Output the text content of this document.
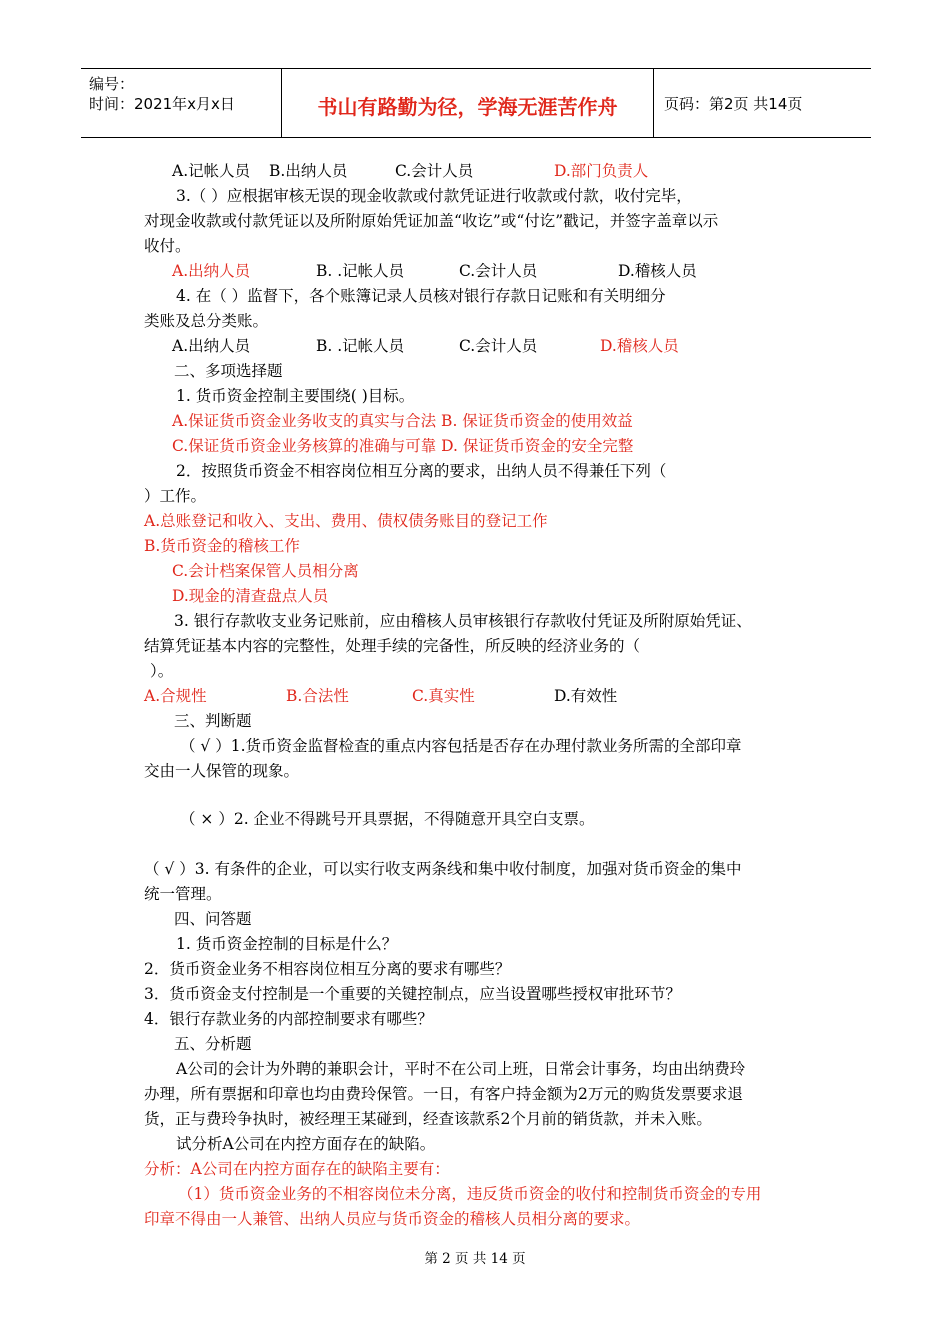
编号：
时间：2021年x月x日	书山有路勤为径，学海无涯苦作舟	页码：第2页 共14页
A.记帐人员 B.出纳人员	C.会计人员	D.部门负责人
3.（ ）应根据审核无误的现金收款或付款凭证进行收款或付款，收付完毕，
对现金收款或付款凭证以及所附原始凭证加盖“收讫”或“付讫”戳记，并签字盖章以示
收付。
A.出纳人员	B. .记帐人员	C.会计人员	D.稽核人员
4. 在（ ）监督下，各个账簿记录人员核对银行存款日记账和有关明细分
类账及总分类账。
A.出纳人员	B. .记帐人员	C.会计人员	D.稽核人员
二、多项选择题
1. 货币资金控制主要围绕( )目标。
A.保证货币资金业务收支的真实与合法 B. 保证货币资金的使用效益
C.保证货币资金业务核算的准确与可靠 D. 保证货币资金的安全完整
2．按照货币资金不相容岗位相互分离的要求，出纳人员不得兼任下列（
）工作。
A.总账登记和收入、支出、费用、债权债务账目的登记工作
B.货币资金的稽核工作
C.会计档案保管人员相分离
D.现金的清查盘点人员
3. 银行存款收支业务记账前，应由稽核人员审核银行存款收付凭证及所附原始凭证、
结算凭证基本内容的完整性，处理手续的完备性，所反映的经济业务的（
）。
A.合规性	B.合法性	C.真实性	D.有效性
三、判断题
（ √ ）1.货币资金监督检查的重点内容包括是否存在办理付款业务所需的全部印章
交由一人保管的现象。
（ × ）2. 企业不得跳号开具票据，不得随意开具空白支票。
（ √ ）3. 有条件的企业，可以实行收支两条线和集中收付制度，加强对货币资金的集中
统一管理。
四、问答题
1. 货币资金控制的目标是什么？
2．货币资金业务不相容岗位相互分离的要求有哪些？
3．货币资金支付控制是一个重要的关键控制点，应当设置哪些授权审批环节？
4．银行存款业务的内部控制要求有哪些？
五、分析题
A公司的会计为外聘的兼职会计，平时不在公司上班，日常会计事务，均由出纳费玲
办理，所有票据和印章也均由费玲保管。一日，有客户持金额为2万元的购货发票要求退
货，正与费玲争执时，被经理王某碰到，经查该款系2个月前的销货款，并未入账。
试分析A公司在内控方面存在的缺陷。
分析：A公司在内控方面存在的缺陷主要有：
（1）货币资金业务的不相容岗位未分离，违反货币资金的收付和控制货币资金的专用
印章不得由一人兼管、出纳人员应与货币资金的稽核人员相分离的要求。
第 2 页 共 14 页
